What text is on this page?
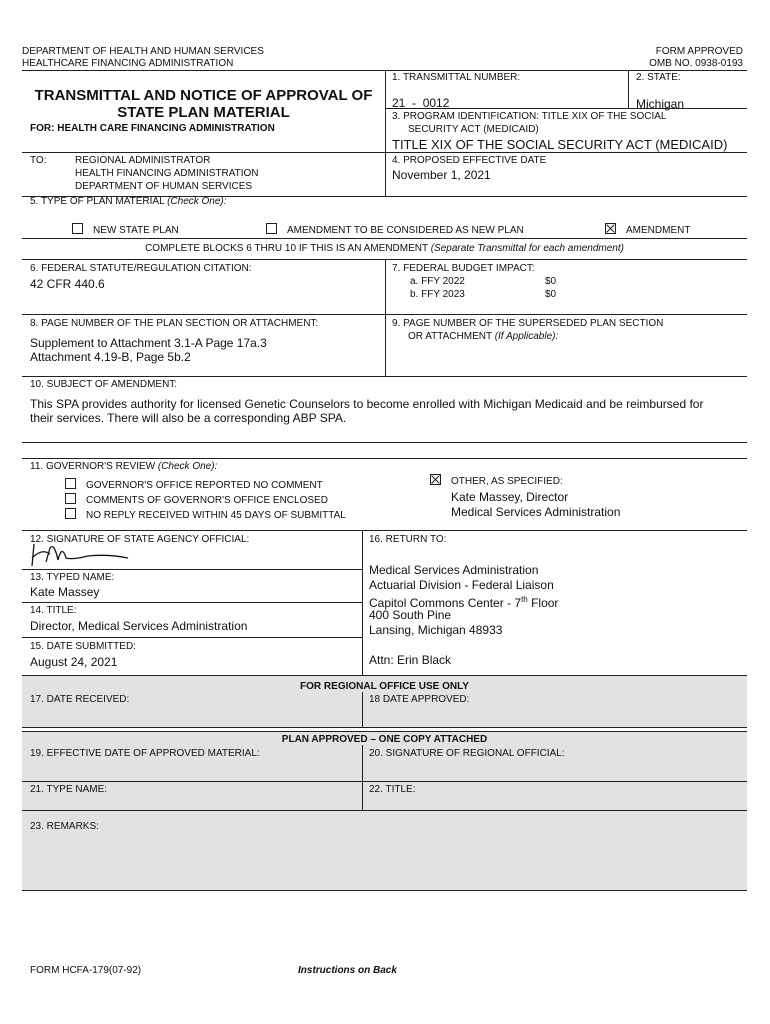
DEPARTMENT OF HEALTH AND HUMAN SERVICES
HEALTHCARE FINANCING ADMINISTRATION
FORM APPROVED
OMB NO. 0938-0193
TRANSMITTAL AND NOTICE OF APPROVAL OF
STATE PLAN MATERIAL
FOR: HEALTH CARE FINANCING ADMINISTRATION
1. TRANSMITTAL NUMBER:
21 - 0012
2. STATE:
Michigan
3. PROGRAM IDENTIFICATION: TITLE XIX OF THE SOCIAL
SECURITY ACT (MEDICAID)
TITLE XIX OF THE SOCIAL SECURITY ACT (MEDICAID)
TO:	REGIONAL ADMINISTRATOR
HEALTH FINANCING ADMINISTRATION
DEPARTMENT OF HUMAN SERVICES
4. PROPOSED EFFECTIVE DATE
November 1, 2021
5. TYPE OF PLAN MATERIAL (Check One):
NEW STATE PLAN	AMENDMENT TO BE CONSIDERED AS NEW PLAN	AMENDMENT
COMPLETE BLOCKS 6 THRU 10 IF THIS IS AN AMENDMENT (Separate Transmittal for each amendment)
6. FEDERAL STATUTE/REGULATION CITATION:
42 CFR 440.6
7. FEDERAL BUDGET IMPACT:
a. FFY 2022	$0
b. FFY 2023	$0
8. PAGE NUMBER OF THE PLAN SECTION OR ATTACHMENT:
Supplement to Attachment 3.1-A Page 17a.3
Attachment 4.19-B, Page 5b.2
9. PAGE NUMBER OF THE SUPERSEDED PLAN SECTION
OR ATTACHMENT (If Applicable):
10. SUBJECT OF AMENDMENT:
This SPA provides authority for licensed Genetic Counselors to become enrolled with Michigan Medicaid and be reimbursed for
their services. There will also be a corresponding ABP SPA.
11. GOVERNOR'S REVIEW (Check One):
GOVERNOR'S OFFICE REPORTED NO COMMENT
COMMENTS OF GOVERNOR'S OFFICE ENCLOSED
NO REPLY RECEIVED WITHIN 45 DAYS OF SUBMITTAL
OTHER, AS SPECIFIED:
Kate Massey, Director
Medical Services Administration
12. SIGNATURE OF STATE AGENCY OFFICIAL:
13. TYPED NAME:
Kate Massey
14. TITLE:
Director, Medical Services Administration
15. DATE SUBMITTED:
August 24, 2021
16. RETURN TO:
Medical Services Administration
Actuarial Division - Federal Liaison
Capitol Commons Center - 7th Floor
400 South Pine
Lansing, Michigan 48933
Attn: Erin Black
FOR REGIONAL OFFICE USE ONLY
17. DATE RECEIVED:	18 DATE APPROVED:
PLAN APPROVED – ONE COPY ATTACHED
19. EFFECTIVE DATE OF APPROVED MATERIAL:	20. SIGNATURE OF REGIONAL OFFICIAL:
21. TYPE NAME:	22. TITLE:
23. REMARKS:
FORM HCFA-179(07-92)	Instructions on Back
